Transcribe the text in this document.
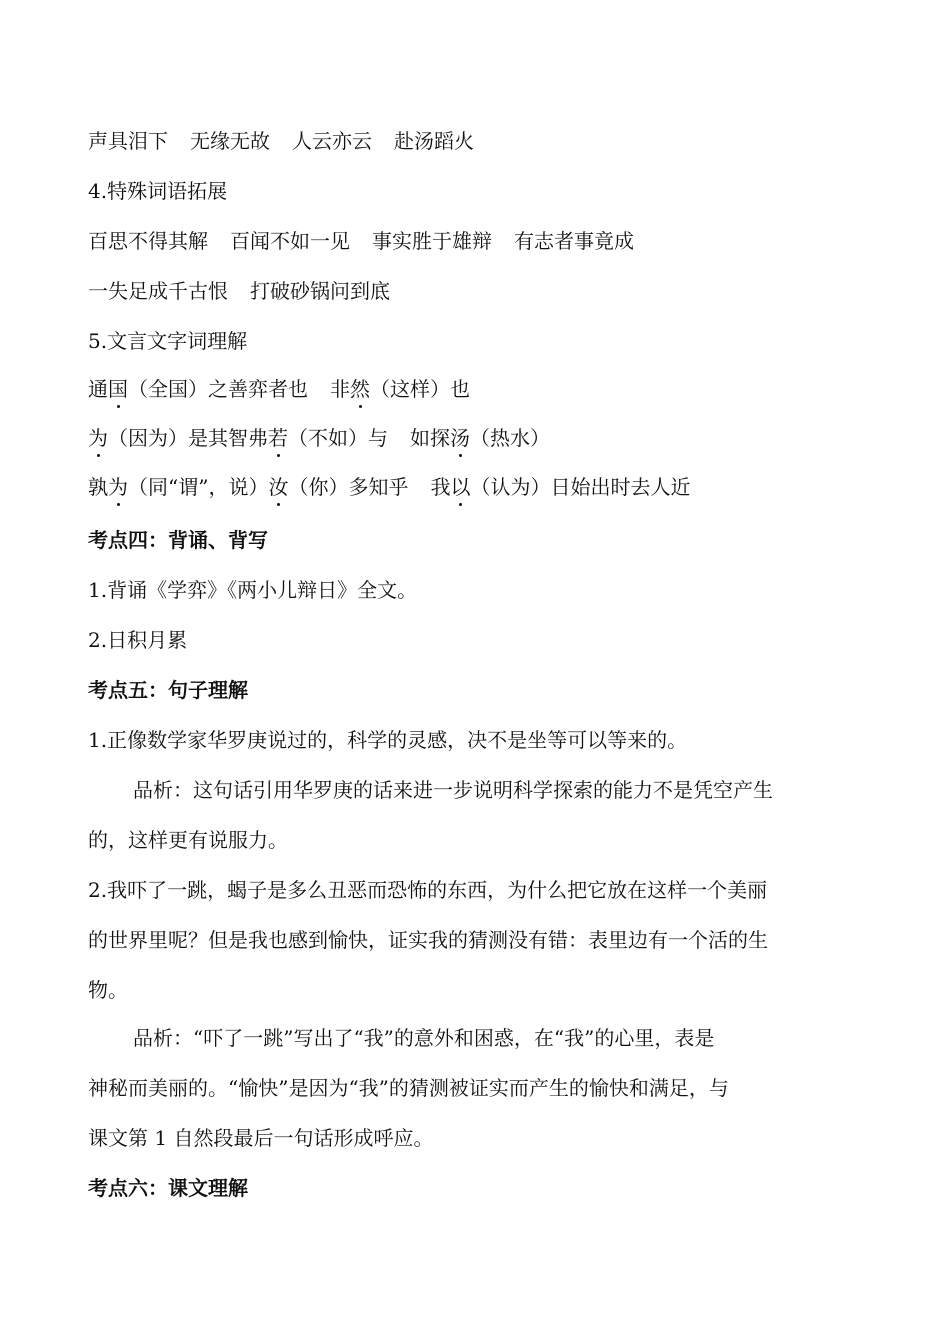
声具泪下 无缘无故 人云亦云 赴汤蹈火
4.特殊词语拓展
百思不得其解 百闻不如一见 事实胜于雄辩 有志者事竟成
一失足成千古恨 打破砂锅问到底
5.文言文字词理解
通国（全国）之善弈者也 非然（这样）也
为（因为）是其智弗若（不如）与 如探汤（热水）
孰为（同“谓”，说）汝（你）多知乎 我以（认为）日始出时去人近
考点四：背诵、背写
1.背诵《学弈》《两小儿辩日》全文。
2.日积月累
考点五：句子理解
1.正像数学家华罗庚说过的，科学的灵感，决不是坐等可以等来的。
品析：这句话引用华罗庚的话来进一步说明科学探索的能力不是凭空产生
的，这样更有说服力。
2.我吓了一跳，蝎子是多么丑恶而恐怖的东西，为什么把它放在这样一个美丽
的世界里呢？但是我也感到愉快，证实我的猜测没有错：表里边有一个活的生
物。
品析：“吓了一跳”写出了“我”的意外和困惑，在“我”的心里，表是
神秘而美丽的。“愉快”是因为“我”的猜测被证实而产生的愉快和满足，与
课文第 1 自然段最后一句话形成呼应。
考点六：课文理解
